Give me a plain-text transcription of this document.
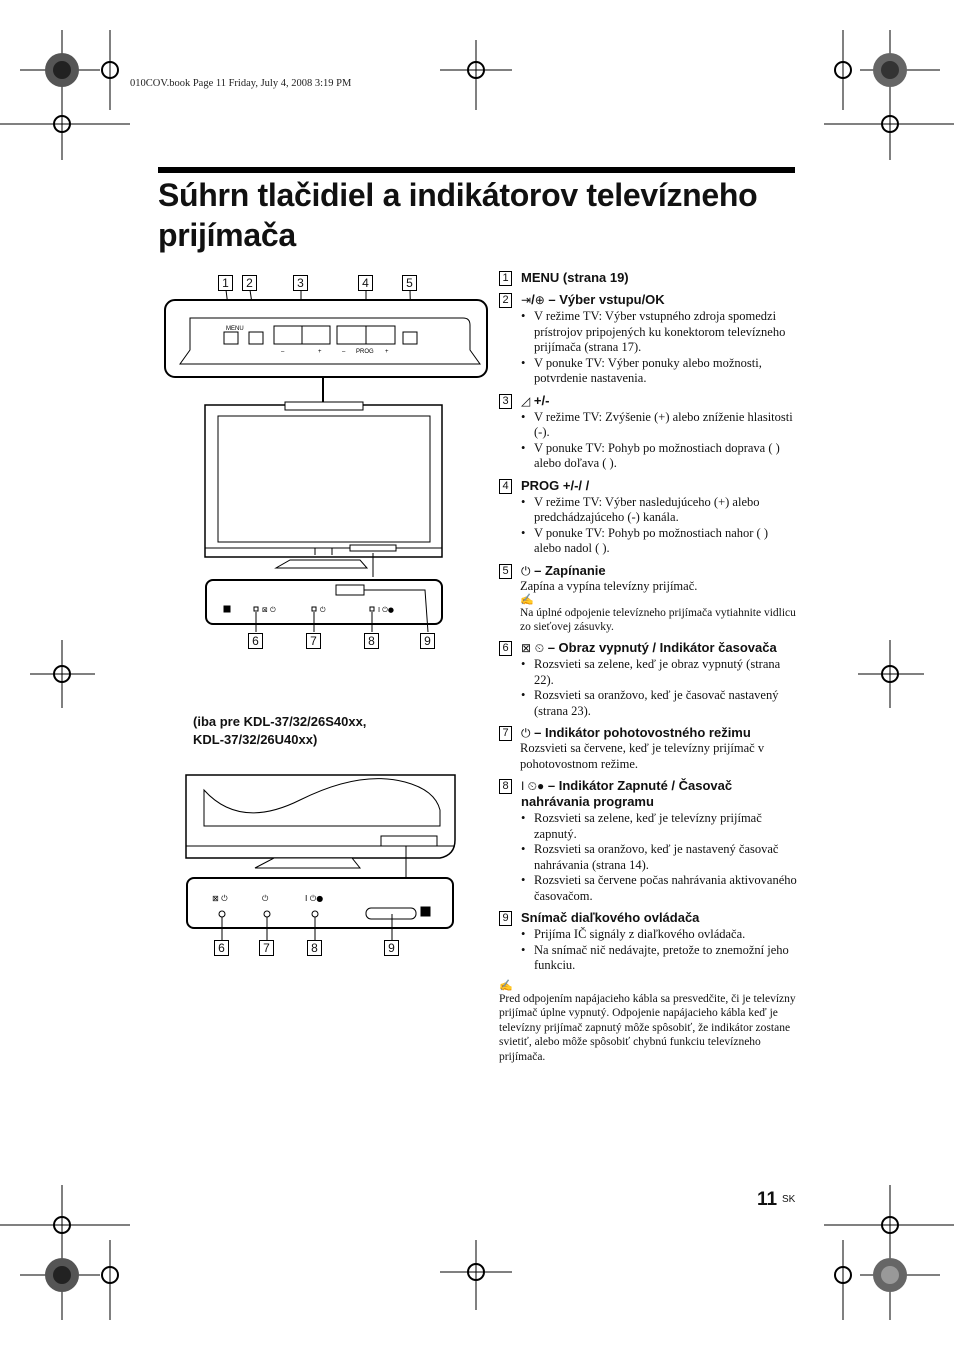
010COV.book Page 11 Friday, July 4, 2008 3:19 PM
Súhrn tlačidiel a indikátorov televízneho prijímača
MENU
–	+	– PROG +
⊠ ⏻	⏻	I ⏻●
⊠ ⏻	⏻	I ⏻●
1	2	3	4	5
6	7	8	9
6	7	8	9
(iba pre KDL-37/32/26S40xx,
KDL-37/32/26U40xx)
1 MENU (strana 19)
2 ⇥/⊕ – Výber vstupu/OK
• V režime TV: Výber vstupného zdroja spomedzi prístrojov pripojených ku konektorom televízneho prijímača (strana 17).
• V ponuke TV: Výber ponuky alebo možnosti, potvrdenie nastavenia.
3 ◿ +/-
• V režime TV: Zvýšenie (+) alebo zníženie hlasitosti (-).
• V ponuke TV: Pohyb po možnostiach doprava ( ) alebo doľava ( ).
4 PROG +/-/ /
• V režime TV: Výber nasledujúceho (+) alebo predchádzajúceho (-) kanála.
• V ponuke TV: Pohyb po možnostiach nahor ( ) alebo nadol ( ).
5 ⏻ – Zapínanie
Zapína a vypína televízny prijímač.
✍
Na úplné odpojenie televízneho prijímača vytiahnite vidlicu zo sieťovej zásuvky.
6 ⊠ ⏲ – Obraz vypnutý / Indikátor časovača
• Rozsvieti sa zelene, keď je obraz vypnutý (strana 22).
• Rozsvieti sa oranžovo, keď je časovač nastavený (strana 23).
7 ⏻ – Indikátor pohotovostného režimu
Rozsvieti sa červene, keď je televízny prijímač v pohotovostnom režime.
8 I ⏲● – Indikátor Zapnuté / Časovač nahrávania programu
• Rozsvieti sa zelene, keď je televízny prijímač zapnutý.
• Rozsvieti sa oranžovo, keď je nastavený časovač nahrávania (strana 14).
• Rozsvieti sa červene počas nahrávania aktivovaného časovačom.
9 Snímač diaľkového ovládača
• Prijíma IČ signály z diaľkového ovládača.
• Na snímač nič nedávajte, pretože to znemožní jeho funkciu.
✍
Pred odpojením napájacieho kábla sa presvedčite, či je televízny prijímač úplne vypnutý. Odpojenie napájacieho kábla keď je televízny prijímač zapnutý môže spôsobiť, že indikátor zostane svietiť, alebo môže spôsobiť chybnú funkciu televízneho prijímača.
11 SK
